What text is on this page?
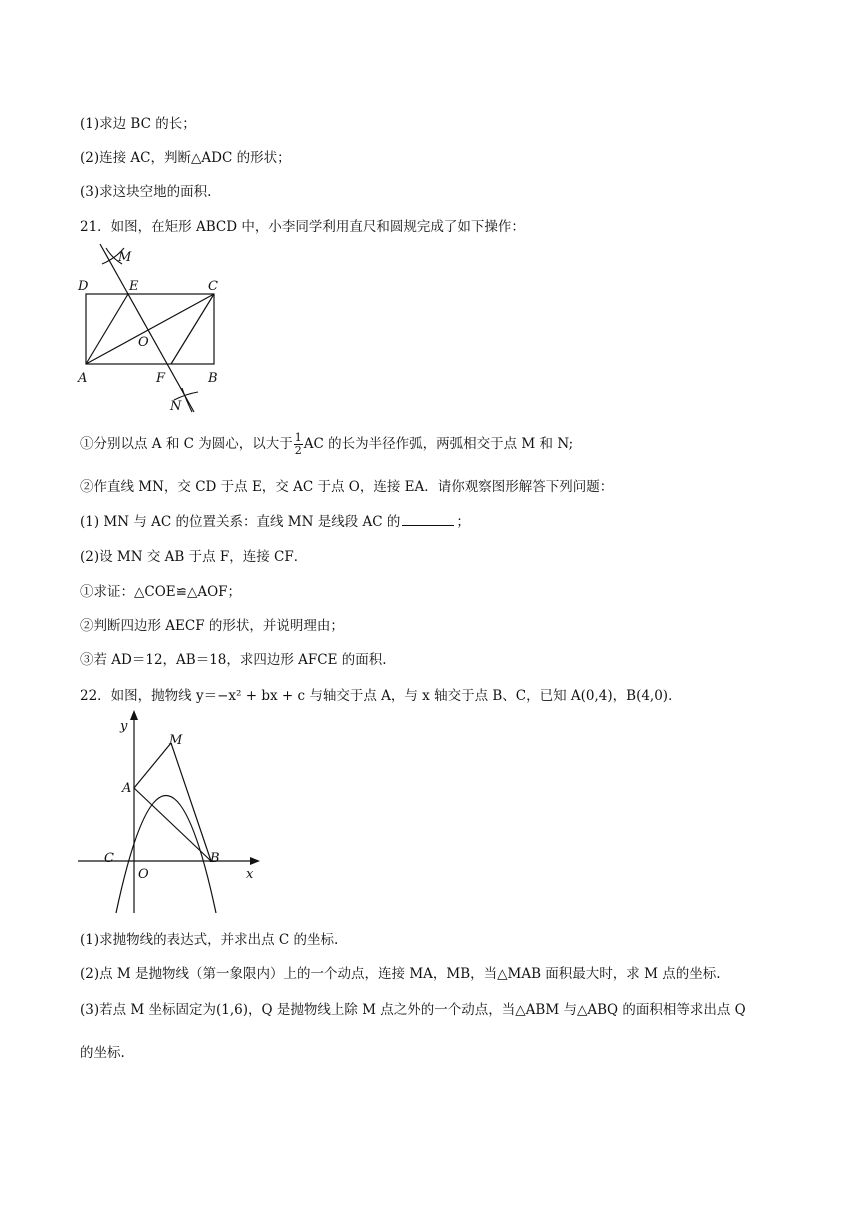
(1)求边 BC 的长；
(2)连接 AC，判断△ADC 的形状；
(3)求这块空地的面积.
21．如图，在矩形 ABCD 中，小李同学利用直尺和圆规完成了如下操作：
D	E	C
M
O
A	F	B
N
①分别以点 A 和 C 为圆心，以大于 $\frac{1}{2}$ AC 的长为半径作弧，两弧相交于点 M 和 N;
②作直线 MN，交 CD 于点 E，交 AC 于点 O，连接 EA．请你观察图形解答下列问题：
(1) MN 与 AC 的位置关系：直线 MN 是线段 AC 的	；
(2)设 MN 交 AB 于点 F，连接 CF．
①求证：△COE≌△AOF；
②判断四边形 AECF 的形状，并说明理由；
③若 AD＝12，AB＝18，求四边形 AFCE 的面积.
22．如图，抛物线 y＝−x² + bx + c 与轴交于点 A，与 x 轴交于点 B、C，已知 A(0,4)，B(4,0)．
y
M
A
C
O
B
x
(1)求抛物线的表达式，并求出点 C 的坐标.
(2)点 M 是抛物线（第一象限内）上的一个动点，连接 MA，MB，当△MAB 面积最大时，求 M 点的坐标.
(3)若点 M 坐标固定为(1,6)，Q 是抛物线上除 M 点之外的一个动点，当△ABM 与△ABQ 的面积相等求出点 Q
的坐标.
